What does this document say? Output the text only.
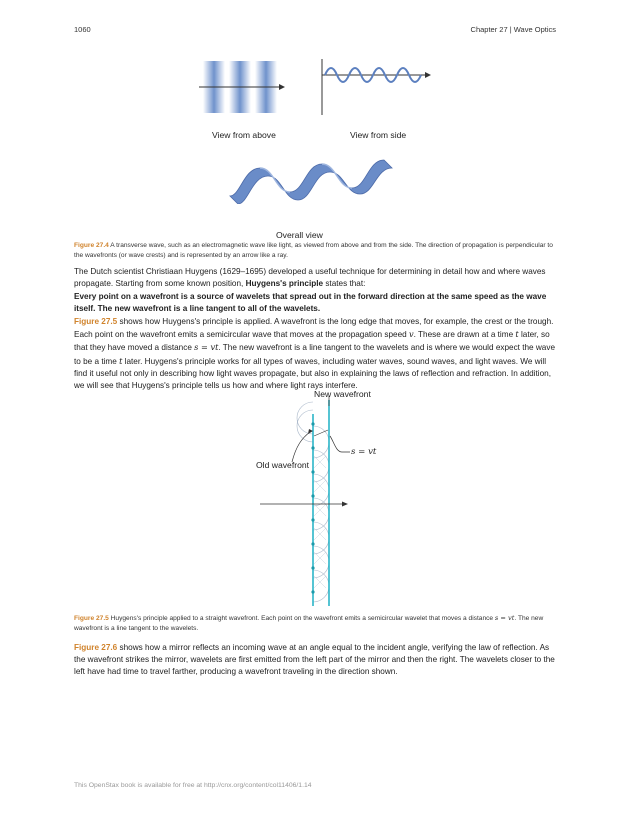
1060	Chapter 27 | Wave Optics
View from above	View from side
Overall view
Figure 27.4 A transverse wave, such as an electromagnetic wave like light, as viewed from above and from the side. The direction of propagation is perpendicular to the wavefronts (or wave crests) and is represented by an arrow like a ray.
The Dutch scientist Christiaan Huygens (1629–1695) developed a useful technique for determining in detail how and where waves propagate. Starting from some known position, Huygens's principle states that:
Every point on a wavefront is a source of wavelets that spread out in the forward direction at the same speed as the wave itself. The new wavefront is a line tangent to all of the wavelets.
Figure 27.5 shows how Huygens's principle is applied. A wavefront is the long edge that moves, for example, the crest or the trough. Each point on the wavefront emits a semicircular wave that moves at the propagation speed v. These are drawn at a time t later, so that they have moved a distance s = vt. The new wavefront is a line tangent to the wavelets and is where we would expect the wave to be a time t later. Huygens's principle works for all types of waves, including water waves, sound waves, and light waves. We will find it useful not only in describing how light waves propagate, but also in explaining the laws of reflection and refraction. In addition, we will see that Huygens's principle tells us how and where light rays interfere.
New wavefront
Old wavefront
s = vt
Figure 27.5 Huygens's principle applied to a straight wavefront. Each point on the wavefront emits a semicircular wavelet that moves a distance s = vt. The new wavefront is a line tangent to the wavelets.
Figure 27.6 shows how a mirror reflects an incoming wave at an angle equal to the incident angle, verifying the law of reflection. As the wavefront strikes the mirror, wavelets are first emitted from the left part of the mirror and then the right. The wavelets closer to the left have had time to travel farther, producing a wavefront traveling in the direction shown.
This OpenStax book is available for free at http://cnx.org/content/col11406/1.14
